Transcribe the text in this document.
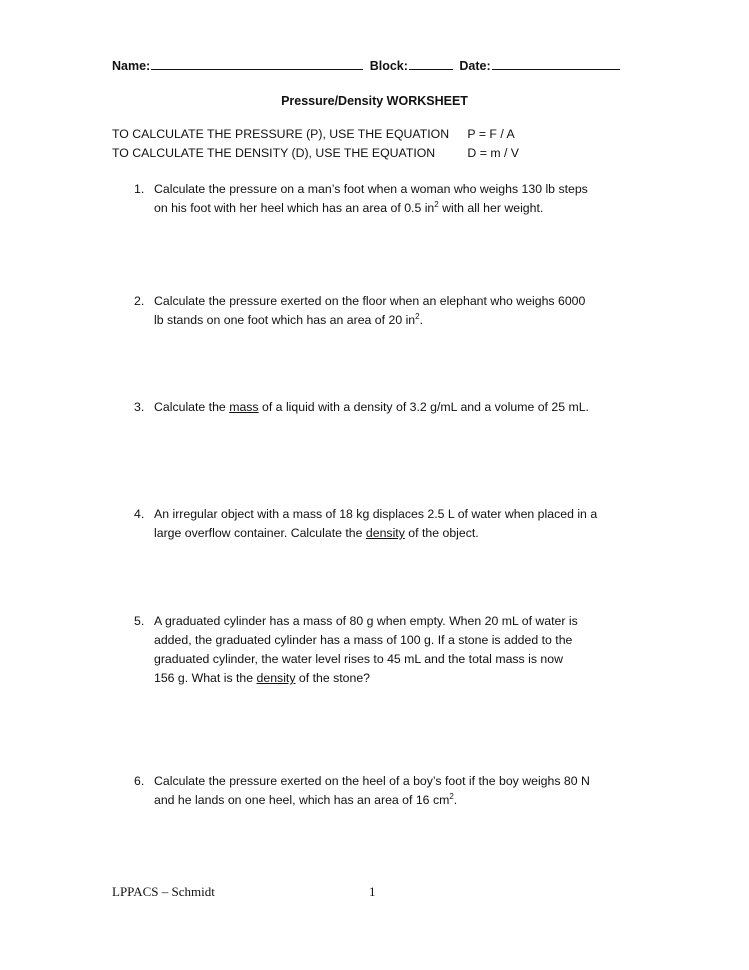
Name:	Block:	Date:
Pressure/Density WORKSHEET
TO CALCULATE THE PRESSURE (P), USE THE EQUATION P = F / A
TO CALCULATE THE DENSITY (D), USE THE EQUATION	D = m / V
1. Calculate the pressure on a man’s foot when a woman who weighs 130 lb steps
on his foot with her heel which has an area of 0.5 $in^2$ with all her weight.
2. Calculate the pressure exerted on the floor when an elephant who weighs 6000
lb stands on one foot which has an area of 20 $in^2$.
3. Calculate the mass of a liquid with a density of 3.2 g/mL and a volume of 25 mL.
4. An irregular object with a mass of 18 kg displaces 2.5 L of water when placed in a
large overflow container. Calculate the density of the object.
5. A graduated cylinder has a mass of 80 g when empty. When 20 mL of water is
added, the graduated cylinder has a mass of 100 g. If a stone is added to the
graduated cylinder, the water level rises to 45 mL and the total mass is now
156 g. What is the density of the stone?
6. Calculate the pressure exerted on the heel of a boy’s foot if the boy weighs 80 N
and he lands on one heel, which has an area of 16 $cm^2$.
LPPACS – Schmidt	1
